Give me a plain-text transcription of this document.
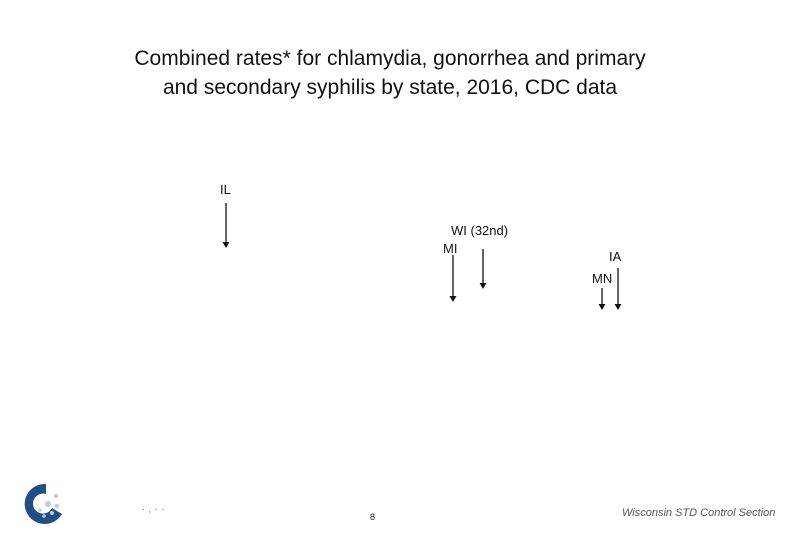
Combined rates* for chlamydia, gonorrhea and primary
and secondary syphilis by state, 2016, CDC data
IL
WI (32nd)
MI
IA
MN
· ‚ · ·
8	Wisconsin STD Control Section
